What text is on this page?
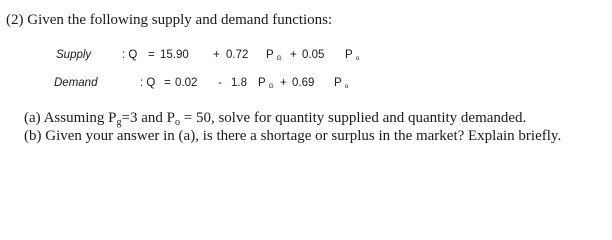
(2) Given the following supply and demand functions:
Supply	: Q = 15.90 + 0.72 P $_G$ + 0.05 P $_o$
Demand	: Q = 0.02 - 1.8 P $_G$ + 0.69 P $_o$
(a) Assuming $P_g=3$ and $P_o = 50$, solve for quantity supplied and quantity demanded.
(b) Given your answer in (a), is there a shortage or surplus in the market? Explain briefly.
